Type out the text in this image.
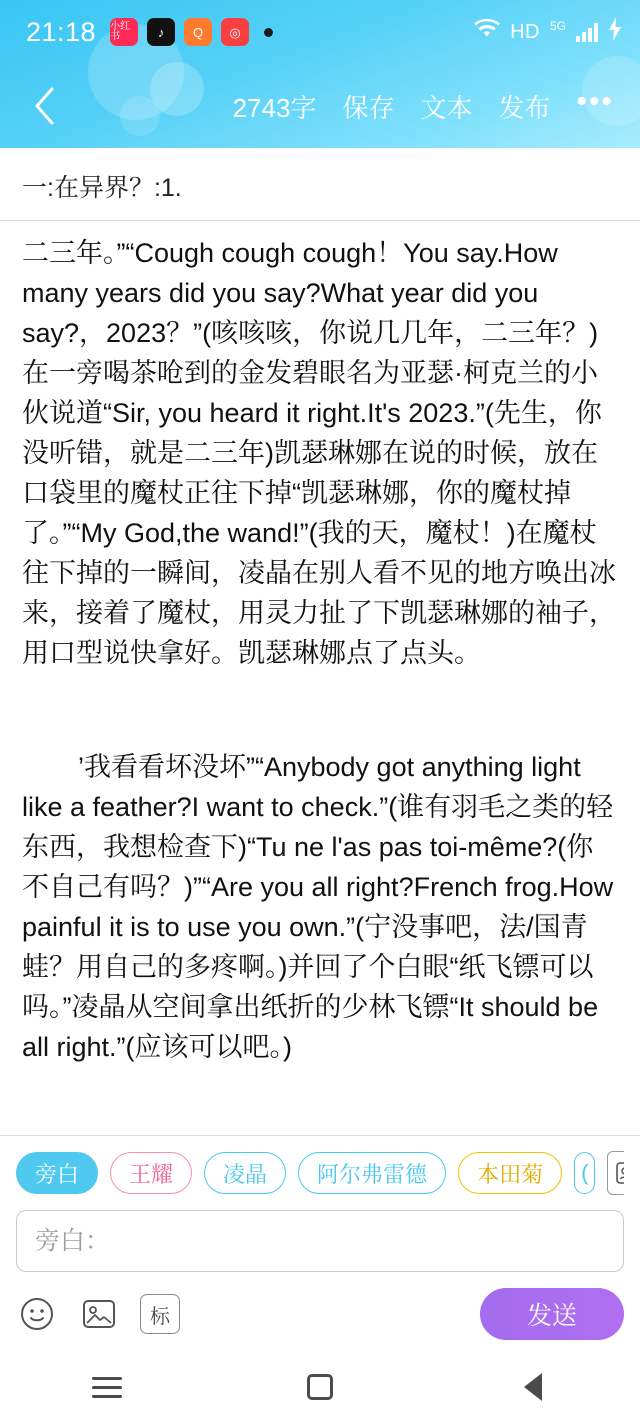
21:18 小红书	♪	Q	◎	HD 5G
2743字 保存 文本 发布 •••
一:在异界？:1.
二三年。”“Cough cough cough！You say.How many years did you say?What year did you say?，2023？”(咳咳咳，你说几几年，二三年？)在一旁喝茶呛到的金发碧眼名为亚瑟·柯克兰的小伙说道“Sir, you heard it right.It's 2023.”(先生，你没听错，就是二三年)凯瑟琳娜在说的时候，放在口袋里的魔杖正往下掉“凯瑟琳娜，你的魔杖掉了。”“My God,the wand!”(我的天，魔杖！)在魔杖往下掉的一瞬间，凌晶在别人看不见的地方唤出冰来，接着了魔杖，用灵力扯了下凯瑟琳娜的袖子，用口型说快拿好。凯瑟琳娜点了点头。
’我看看坏没坏”“Anybody got anything light like a feather?I want to check.”(谁有羽毛之类的轻东西，我想检查下)“Tu ne l'as pas toi-même?(你不自己有吗？)”“Are you all right?French frog.How painful it is to use you own.”(宁没事吧，法/国青蛙？用自己的多疼啊。)并回了个白眼“纸飞镖可以吗。”凌晶从空间拿出纸折的少林飞镖“It should be all right.”(应该可以吧。)
旁白	王耀	凌晶	阿尔弗雷德	本田菊	(
旁白：
标	发送
